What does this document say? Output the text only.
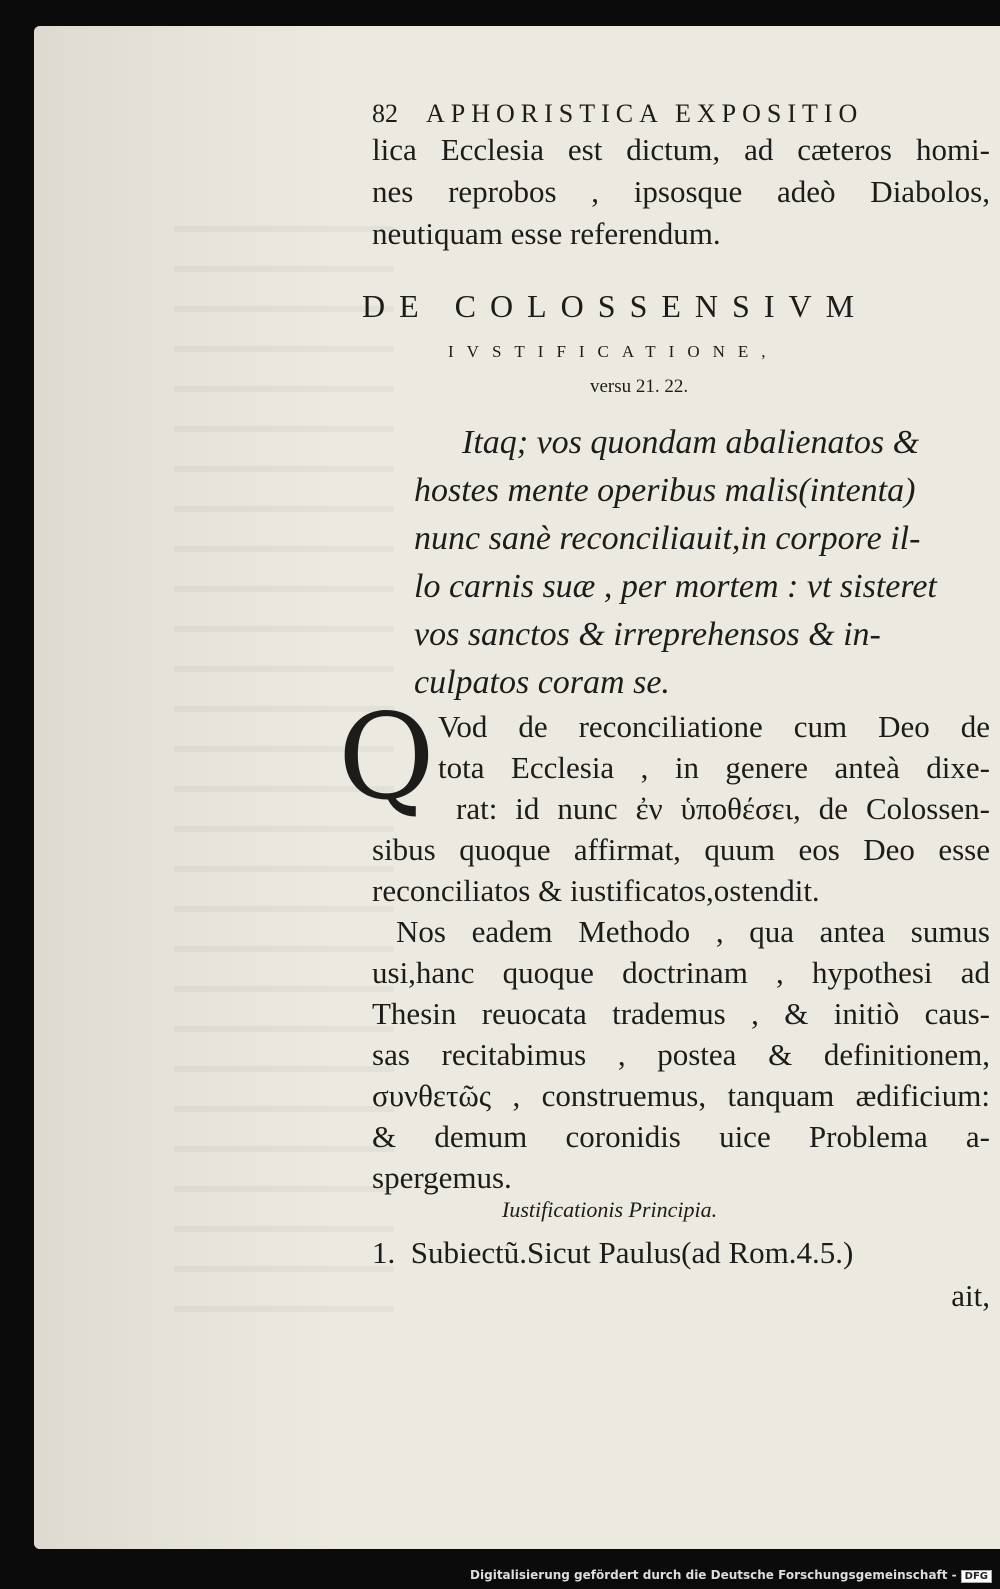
82 APHORISTICA EXPOSITIO
lica Ecclesia est dictum, ad cæteros homi-
nes reprobos , ipsosque adeò Diabolos,
neutiquam esse referendum.
DE COLOSSENSIVM
IVSTIFICATIONE,
versu 21. 22.
Itaq; vos quondam abalienatos &
hostes mente operibus malis(intenta)
nunc sanè reconciliauit,in corpore il-
lo carnis suæ , per mortem : vt sisteret
vos sanctos & irreprehensos & in-
culpatos coram se.
Q Vod de reconciliatione cum Deo de
tota Ecclesia , in genere anteà dixe-
rat: id nunc ἐν ὑποθέσει, de Colossen-
sibus quoque affirmat, quum eos Deo esse
reconciliatos & iustificatos,ostendit.
Nos eadem Methodo , qua antea sumus
usi,hanc quoque doctrinam , hypothesi ad
Thesin reuocata trademus , & initiò caus-
sas recitabimus , postea & definitionem,
συνθετῶς , construemus, tanquam ædificium:
& demum coronidis uice Problema a-
spergemus.
Iustificationis Principia.
1.  Subiectũ.Sicut Paulus(ad Rom.4.5.)
ait,
Digitalisierung gefördert durch die Deutsche Forschungsgemeinschaft - DFG
